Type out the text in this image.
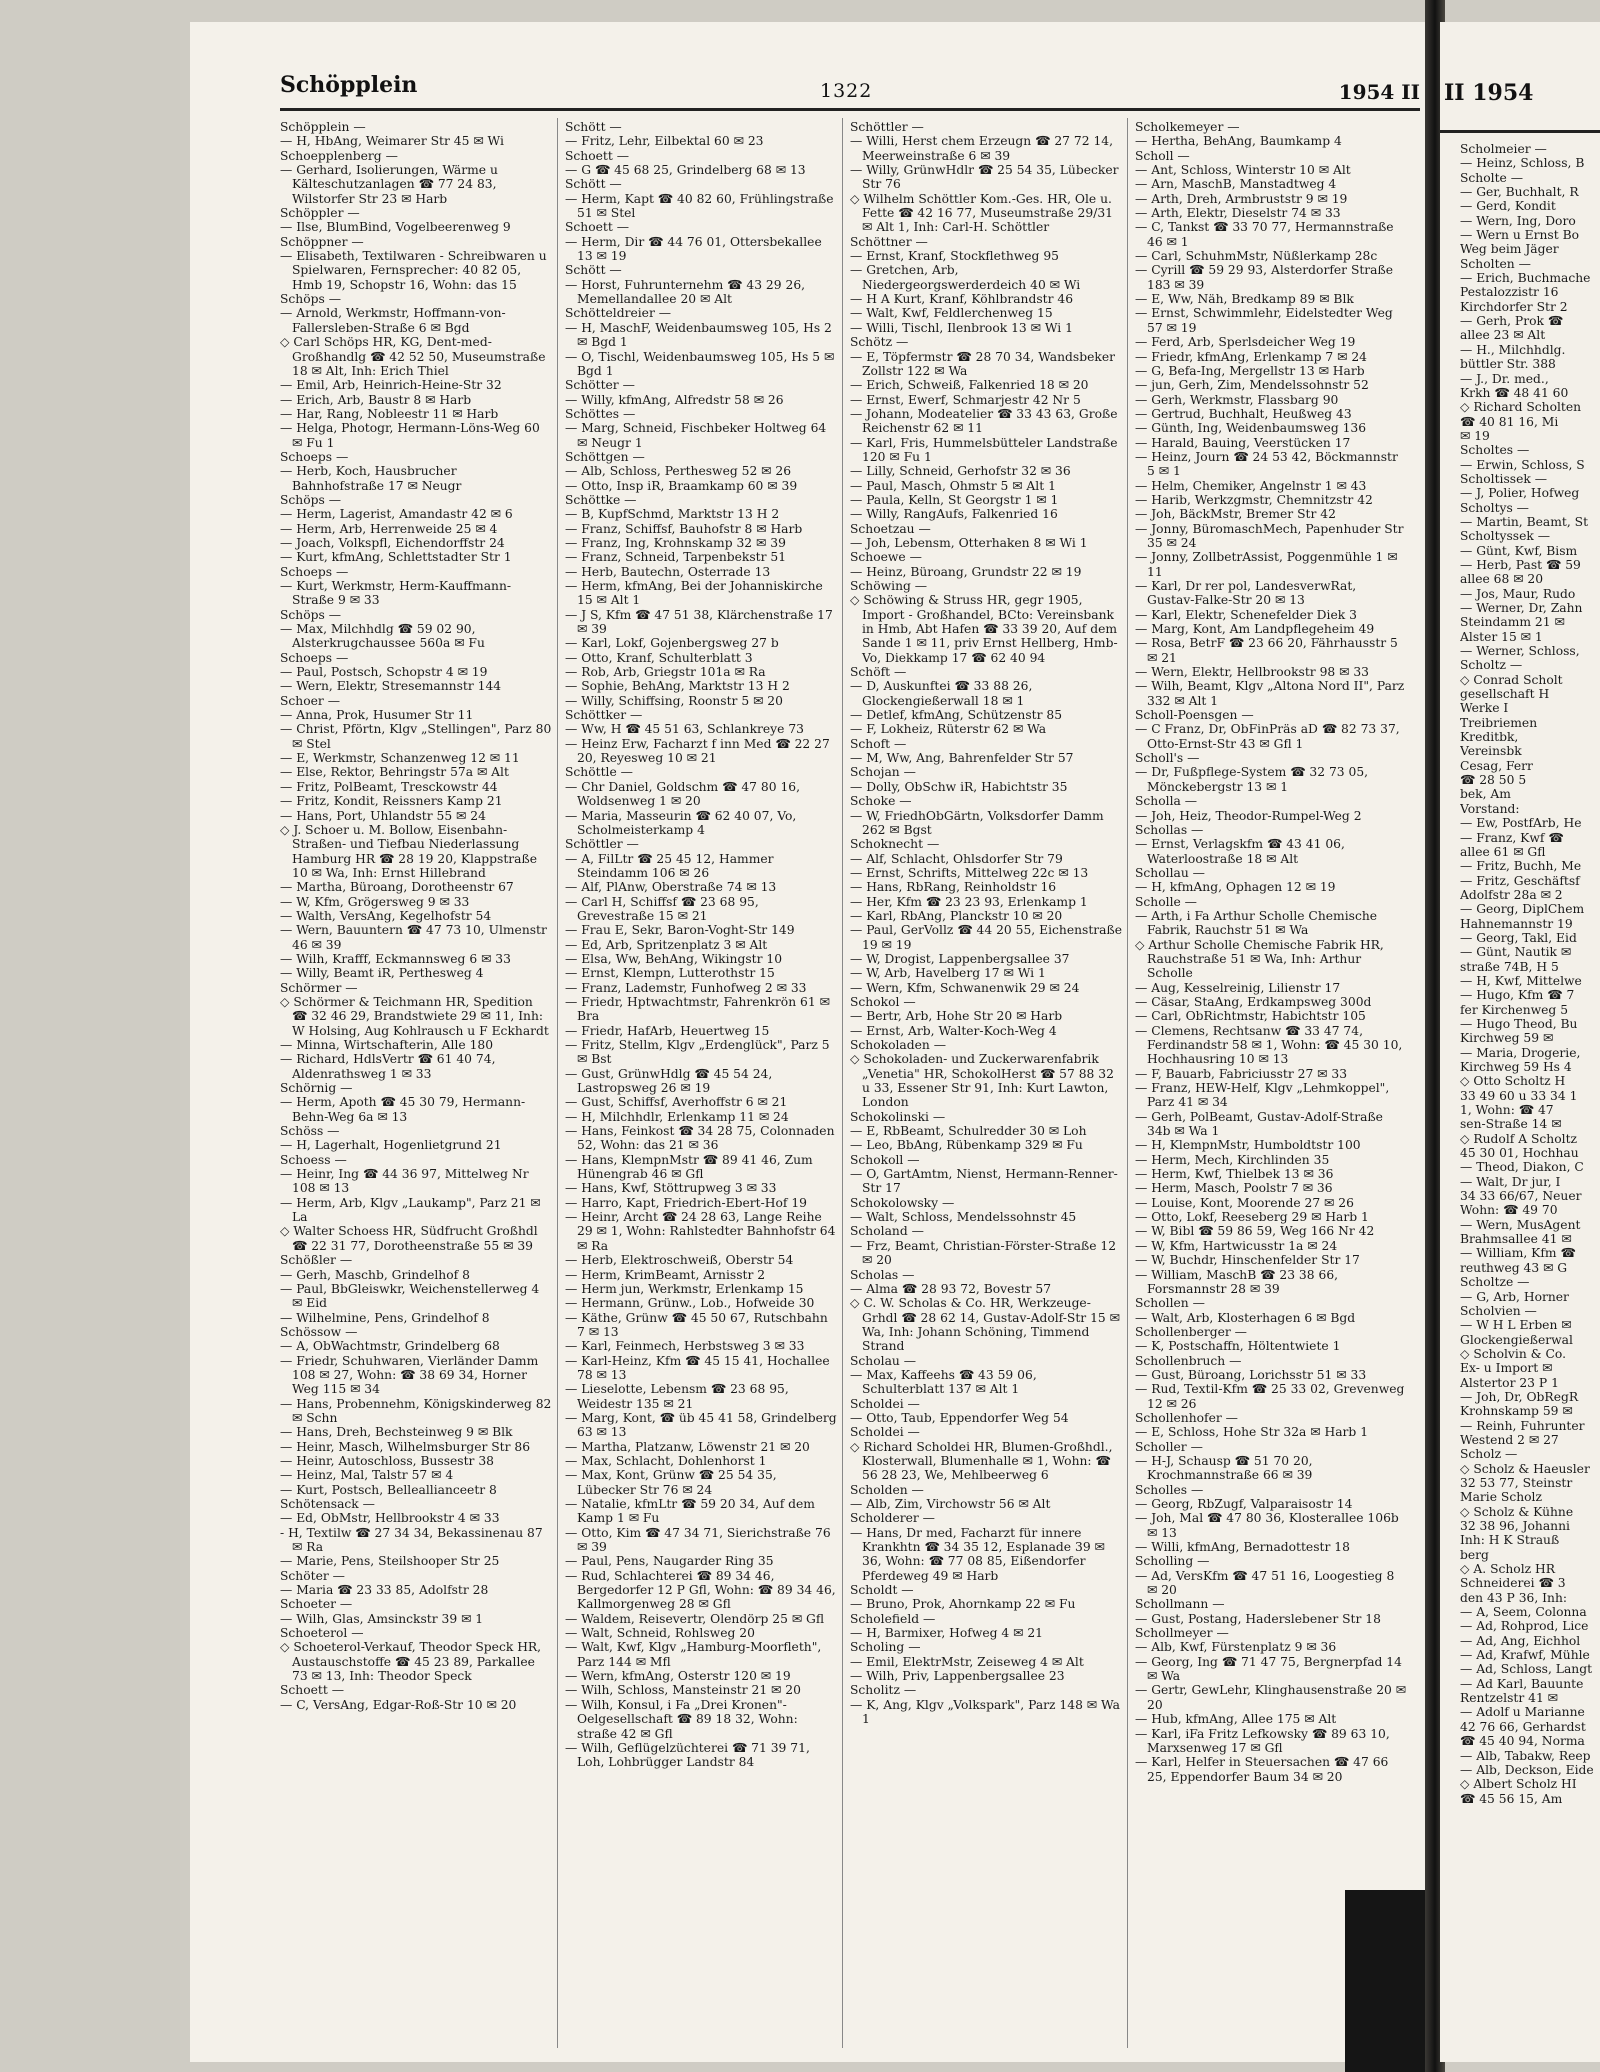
Schöpplein	1322	1954 II
Schöpplein —
— H, HbAng, Weimarer Str 45 ✉ Wi
Schoepplenberg —
— Gerhard, Isolierungen, Wärme u Kälteschutzanlagen ☎ 77 24 83, Wilstorfer Str 23 ✉ Harb
Schöppler —
— Ilse, BlumBind, Vogelbeerenweg 9
Schöppner —
— Elisabeth, Textilwaren - Schreibwaren u Spielwaren, Fernsprecher: 40 82 05, Hmb 19, Schopstr 16, Wohn: das 15
Schöps —
— Arnold, Werkmstr, Hoffmann-von-Fallersleben-Straße 6 ✉ Bgd
◇ Carl Schöps HR, KG, Dent-med-Großhandlg ☎ 42 52 50, Museumstraße 18 ✉ Alt, Inh: Erich Thiel
— Emil, Arb, Heinrich-Heine-Str 32
— Erich, Arb, Baustr 8 ✉ Harb
— Har, Rang, Nobleestr 11 ✉ Harb
— Helga, Photogr, Hermann-Löns-Weg 60 ✉ Fu 1
Schoeps —
— Herb, Koch, Hausbrucher Bahnhofstraße 17 ✉ Neugr
Schöps —
— Herm, Lagerist, Amandastr 42 ✉ 6
— Herm, Arb, Herrenweide 25 ✉ 4
— Joach, Volkspfl, Eichendorffstr 24
— Kurt, kfmAng, Schlettstadter Str 1
Schoeps —
— Kurt, Werkmstr, Herm-Kauffmann-Straße 9 ✉ 33
Schöps —
— Max, Milchhdlg ☎ 59 02 90, Alsterkrugchaussee 560a ✉ Fu
Schoeps —
— Paul, Postsch, Schopstr 4 ✉ 19
— Wern, Elektr, Stresemannstr 144
Schoer —
— Anna, Prok, Husumer Str 11
— Christ, Pförtn, Klgv „Stellingen", Parz 80 ✉ Stel
— E, Werkmstr, Schanzenweg 12 ✉ 11
— Else, Rektor, Behringstr 57a ✉ Alt
— Fritz, PolBeamt, Tresckowstr 44
— Fritz, Kondit, Reissners Kamp 21
— Hans, Port, Uhlandstr 55 ✉ 24
◇ J. Schoer u. M. Bollow, Eisenbahn-Straßen- und Tiefbau Niederlassung Hamburg HR ☎ 28 19 20, Klappstraße 10 ✉ Wa, Inh: Ernst Hillebrand
— Martha, Büroang, Dorotheenstr 67
— W, Kfm, Grögersweg 9 ✉ 33
— Walth, VersAng, Kegelhofstr 54
— Wern, Bauuntern ☎ 47 73 10, Ulmenstr 46 ✉ 39
— Wilh, Krafff, Eckmannsweg 6 ✉ 33
— Willy, Beamt iR, Perthesweg 4
Schörmer —
◇ Schörmer & Teichmann HR, Spedition ☎ 32 46 29, Brandstwiete 29 ✉ 11, Inh: W Holsing, Aug Kohlrausch u F Eckhardt
— Minna, Wirtschafterin, Alle 180
— Richard, HdlsVertr ☎ 61 40 74, Aldenrathsweg 1 ✉ 33
Schörnig —
— Herm, Apoth ☎ 45 30 79, Hermann-Behn-Weg 6a ✉ 13
Schöss —
— H, Lagerhalt, Hogenlietgrund 21
Schoess —
— Heinr, Ing ☎ 44 36 97, Mittelweg Nr 108 ✉ 13
— Herm, Arb, Klgv „Laukamp", Parz 21 ✉ La
◇ Walter Schoess HR, Südfrucht Großhdl ☎ 22 31 77, Dorotheenstraße 55 ✉ 39
Schößler —
— Gerh, Maschb, Grindelhof 8
— Paul, BbGleiswkr, Weichenstellerweg 4 ✉ Eid
— Wilhelmine, Pens, Grindelhof 8
Schössow —
— A, ObWachtmstr, Grindelberg 68
— Friedr, Schuhwaren, Vierländer Damm 108 ✉ 27, Wohn: ☎ 38 69 34, Horner Weg 115 ✉ 34
— Hans, Probennehm, Königskinderweg 82 ✉ Schn
— Hans, Dreh, Bechsteinweg 9 ✉ Blk
— Heinr, Masch, Wilhelmsburger Str 86
— Heinr, Autoschloss, Bussestr 38
— Heinz, Mal, Talstr 57 ✉ 4
— Kurt, Postsch, Belleallianceetr 8
Schötensack —
— Ed, ObMstr, Hellbrookstr 4 ✉ 33
- H, Textilw ☎ 27 34 34, Bekassinenau 87 ✉ Ra
— Marie, Pens, Steilshooper Str 25
Schöter —
— Maria ☎ 23 33 85, Adolfstr 28
Schoeter —
— Wilh, Glas, Amsinckstr 39 ✉ 1
Schoeterol —
◇ Schoeterol-Verkauf, Theodor Speck HR, Austauschstoffe ☎ 45 23 89, Parkallee 73 ✉ 13, Inh: Theodor Speck
Schoett —
— C, VersAng, Edgar-Roß-Str 10 ✉ 20
Schött —
— Fritz, Lehr, Eilbektal 60 ✉ 23
Schoett —
— G ☎ 45 68 25, Grindelberg 68 ✉ 13
Schött —
— Herm, Kapt ☎ 40 82 60, Frühlingstraße 51 ✉ Stel
Schoett —
— Herm, Dir ☎ 44 76 01, Ottersbekallee 13 ✉ 19
Schött —
— Horst, Fuhrunternehm ☎ 43 29 26, Memellandallee 20 ✉ Alt
Schötteldreier —
— H, MaschF, Weidenbaumsweg 105, Hs 2 ✉ Bgd 1
— O, Tischl, Weidenbaumsweg 105, Hs 5 ✉ Bgd 1
Schötter —
— Willy, kfmAng, Alfredstr 58 ✉ 26
Schöttes —
— Marg, Schneid, Fischbeker Holtweg 64 ✉ Neugr 1
Schöttgen —
— Alb, Schloss, Perthesweg 52 ✉ 26
— Otto, Insp iR, Braamkamp 60 ✉ 39
Schöttke —
— B, KupfSchmd, Marktstr 13 H 2
— Franz, Schiffsf, Bauhofstr 8 ✉ Harb
— Franz, Ing, Krohnskamp 32 ✉ 39
— Franz, Schneid, Tarpenbekstr 51
— Herb, Bautechn, Osterrade 13
— Herm, kfmAng, Bei der Johanniskirche 15 ✉ Alt 1
— J S, Kfm ☎ 47 51 38, Klärchenstraße 17 ✉ 39
— Karl, Lokf, Gojenbergsweg 27 b
— Otto, Kranf, Schulterblatt 3
— Rob, Arb, Griegstr 101a ✉ Ra
— Sophie, BehAng, Marktstr 13 H 2
— Willy, Schiffsing, Roonstr 5 ✉ 20
Schöttker —
— Ww, H ☎ 45 51 63, Schlankreye 73
— Heinz Erw, Facharzt f inn Med ☎ 22 27 20, Reyesweg 10 ✉ 21
Schöttle —
— Chr Daniel, Goldschm ☎ 47 80 16, Woldsenweg 1 ✉ 20
— Maria, Masseurin ☎ 62 40 07, Vo, Scholmeisterkamp 4
Schöttler —
— A, FilLtr ☎ 25 45 12, Hammer Steindamm 106 ✉ 26
— Alf, PlAnw, Oberstraße 74 ✉ 13
— Carl H, Schiffsf ☎ 23 68 95, Grevestraße 15 ✉ 21
— Frau E, Sekr, Baron-Voght-Str 149
— Ed, Arb, Spritzenplatz 3 ✉ Alt
— Elsa, Ww, BehAng, Wikingstr 10
— Ernst, Klempn, Lutterothstr 15
— Franz, Lademstr, Funhofweg 2 ✉ 33
— Friedr, Hptwachtmstr, Fahrenkrön 61 ✉ Bra
— Friedr, HafArb, Heuertweg 15
— Fritz, Stellm, Klgv „Erdenglück", Parz 5 ✉ Bst
— Gust, GrünwHdlg ☎ 45 54 24, Lastropsweg 26 ✉ 19
— Gust, Schiffsf, Averhoffstr 6 ✉ 21
— H, Milchhdlr, Erlenkamp 11 ✉ 24
— Hans, Feinkost ☎ 34 28 75, Colonnaden 52, Wohn: das 21 ✉ 36
— Hans, KlempnMstr ☎ 89 41 46, Zum Hünengrab 46 ✉ Gfl
— Hans, Kwf, Stöttrupweg 3 ✉ 33
— Harro, Kapt, Friedrich-Ebert-Hof 19
— Heinr, Archt ☎ 24 28 63, Lange Reihe 29 ✉ 1, Wohn: Rahlstedter Bahnhofstr 64 ✉ Ra
— Herb, Elektroschweiß, Oberstr 54
— Herm, KrimBeamt, Arnisstr 2
— Herm jun, Werkmstr, Erlenkamp 15
— Hermann, Grünw., Lob., Hofweide 30
— Käthe, Grünw ☎ 45 50 67, Rutschbahn 7 ✉ 13
— Karl, Feinmech, Herbstsweg 3 ✉ 33
— Karl-Heinz, Kfm ☎ 45 15 41, Hochallee 78 ✉ 13
— Lieselotte, Lebensm ☎ 23 68 95, Weidestr 135 ✉ 21
— Marg, Kont, ☎ üb 45 41 58, Grindelberg 63 ✉ 13
— Martha, Platzanw, Löwenstr 21 ✉ 20
— Max, Schlacht, Dohlenhorst 1
— Max, Kont, Grünw ☎ 25 54 35, Lübecker Str 76 ✉ 24
— Natalie, kfmLtr ☎ 59 20 34, Auf dem Kamp 1 ✉ Fu
— Otto, Kim ☎ 47 34 71, Sierichstraße 76 ✉ 39
— Paul, Pens, Naugarder Ring 35
— Rud, Schlachterei ☎ 89 34 46, Bergedorfer 12 P Gfl, Wohn: ☎ 89 34 46, Kallmorgenweg 28 ✉ Gfl
— Waldem, Reisevertr, Olendörp 25 ✉ Gfl
— Walt, Schneid, Rohlsweg 20
— Walt, Kwf, Klgv „Hamburg-Moorfleth", Parz 144 ✉ Mfl
— Wern, kfmAng, Osterstr 120 ✉ 19
— Wilh, Schloss, Mansteinstr 21 ✉ 20
— Wilh, Konsul, i Fa „Drei Kronen"-Oelgesellschaft ☎ 89 18 32, Wohn: straße 42 ✉ Gfl
— Wilh, Geflügelzüchterei ☎ 71 39 71, Loh, Lohbrügger Landstr 84
Schöttler —
— Willi, Herst chem Erzeugn ☎ 27 72 14, Meerweinstraße 6 ✉ 39
— Willy, GrünwHdlr ☎ 25 54 35, Lübecker Str 76
◇ Wilhelm Schöttler Kom.-Ges. HR, Ole u. Fette ☎ 42 16 77, Museumstraße 29/31 ✉ Alt 1, Inh: Carl-H. Schöttler
Schöttner —
— Ernst, Kranf, Stockflethweg 95
— Gretchen, Arb, Niedergeorgswerderdeich 40 ✉ Wi
— H A Kurt, Kranf, Köhlbrandstr 46
— Walt, Kwf, Feldlerchenweg 15
— Willi, Tischl, Ilenbrook 13 ✉ Wi 1
Schötz —
— E, Töpfermstr ☎ 28 70 34, Wandsbeker Zollstr 122 ✉ Wa
— Erich, Schweiß, Falkenried 18 ✉ 20
— Ernst, Ewerf, Schmarjestr 42 Nr 5
— Johann, Modeatelier ☎ 33 43 63, Große Reichenstr 62 ✉ 11
— Karl, Fris, Hummelsbütteler Landstraße 120 ✉ Fu 1
— Lilly, Schneid, Gerhofstr 32 ✉ 36
— Paul, Masch, Ohmstr 5 ✉ Alt 1
— Paula, Kelln, St Georgstr 1 ✉ 1
— Willy, RangAufs, Falkenried 16
Schoetzau —
— Joh, Lebensm, Otterhaken 8 ✉ Wi 1
Schoewe —
— Heinz, Büroang, Grundstr 22 ✉ 19
Schöwing —
◇ Schöwing & Struss HR, gegr 1905, Import - Großhandel, BCto: Vereinsbank in Hmb, Abt Hafen ☎ 33 39 20, Auf dem Sande 1 ✉ 11, priv Ernst Hellberg, Hmb-Vo, Diekkamp 17 ☎ 62 40 94
Schöft —
— D, Auskunftei ☎ 33 88 26, Glockengießerwall 18 ✉ 1
— Detlef, kfmAng, Schützenstr 85
— F, Lokheiz, Rüterstr 62 ✉ Wa
Schoft —
— M, Ww, Ang, Bahrenfelder Str 57
Schojan —
— Dolly, ObSchw iR, Habichtstr 35
Schoke —
— W, FriedhObGärtn, Volksdorfer Damm 262 ✉ Bgst
Schoknecht —
— Alf, Schlacht, Ohlsdorfer Str 79
— Ernst, Schrifts, Mittelweg 22c ✉ 13
— Hans, RbRang, Reinholdstr 16
— Her, Kfm ☎ 23 23 93, Erlenkamp 1
— Karl, RbAng, Planckstr 10 ✉ 20
— Paul, GerVollz ☎ 44 20 55, Eichenstraße 19 ✉ 19
— W, Drogist, Lappenbergsallee 37
— W, Arb, Havelberg 17 ✉ Wi 1
— Wern, Kfm, Schwanenwik 29 ✉ 24
Schokol —
— Bertr, Arb, Hohe Str 20 ✉ Harb
— Ernst, Arb, Walter-Koch-Weg 4
Schokoladen —
◇ Schokoladen- und Zuckerwarenfabrik „Venetia" HR, SchokolHerst ☎ 57 88 32 u 33, Essener Str 91, Inh: Kurt Lawton, London
Schokolinski —
— E, RbBeamt, Schulredder 30 ✉ Loh
— Leo, BbAng, Rübenkamp 329 ✉ Fu
Schokoll —
— O, GartAmtm, Nienst, Hermann-Renner-Str 17
Schokolowsky —
— Walt, Schloss, Mendelssohnstr 45
Scholand —
— Frz, Beamt, Christian-Förster-Straße 12 ✉ 20
Scholas —
— Alma ☎ 28 93 72, Bovestr 57
◇ C. W. Scholas & Co. HR, Werkzeuge-Grhdl ☎ 28 62 14, Gustav-Adolf-Str 15 ✉ Wa, Inh: Johann Schöning, Timmend Strand
Scholau —
— Max, Kaffeehs ☎ 43 59 06, Schulterblatt 137 ✉ Alt 1
Scholdei —
— Otto, Taub, Eppendorfer Weg 54
Scholdei —
◇ Richard Scholdei HR, Blumen-Großhdl., Klosterwall, Blumenhalle ✉ 1, Wohn: ☎ 56 28 23, We, Mehlbeerweg 6
Scholden —
— Alb, Zim, Virchowstr 56 ✉ Alt
Scholderer —
— Hans, Dr med, Facharzt für innere Krankhtn ☎ 34 35 12, Esplanade 39 ✉ 36, Wohn: ☎ 77 08 85, Eißendorfer Pferdeweg 49 ✉ Harb
Scholdt —
— Bruno, Prok, Ahornkamp 22 ✉ Fu
Scholefield —
— H, Barmixer, Hofweg 4 ✉ 21
Scholing —
— Emil, ElektrMstr, Zeiseweg 4 ✉ Alt
— Wilh, Priv, Lappenbergsallee 23
Scholitz —
— K, Ang, Klgv „Volkspark", Parz 148 ✉ Wa 1
Scholkemeyer —
— Hertha, BehAng, Baumkamp 4
Scholl —
— Ant, Schloss, Winterstr 10 ✉ Alt
— Arn, MaschB, Manstadtweg 4
— Arth, Dreh, Armbruststr 9 ✉ 19
— Arth, Elektr, Dieselstr 74 ✉ 33
— C, Tankst ☎ 33 70 77, Hermannstraße 46 ✉ 1
— Carl, SchuhmMstr, Nüßlerkamp 28c
— Cyrill ☎ 59 29 93, Alsterdorfer Straße 183 ✉ 39
— E, Ww, Näh, Bredkamp 89 ✉ Blk
— Ernst, Schwimmlehr, Eidelstedter Weg 57 ✉ 19
— Ferd, Arb, Sperlsdeicher Weg 19
— Friedr, kfmAng, Erlenkamp 7 ✉ 24
— G, Befa-Ing, Mergellstr 13 ✉ Harb
— jun, Gerh, Zim, Mendelssohnstr 52
— Gerh, Werkmstr, Flassbarg 90
— Gertrud, Buchhalt, Heußweg 43
— Günth, Ing, Weidenbaumsweg 136
— Harald, Bauing, Veerstücken 17
— Heinz, Journ ☎ 24 53 42, Böckmannstr 5 ✉ 1
— Helm, Chemiker, Angelnstr 1 ✉ 43
— Harib, Werkzgmstr, Chemnitzstr 42
— Joh, BäckMstr, Bremer Str 42
— Jonny, BüromaschMech, Papenhuder Str 35 ✉ 24
— Jonny, ZollbetrAssist, Poggenmühle 1 ✉ 11
— Karl, Dr rer pol, LandesverwRat, Gustav-Falke-Str 20 ✉ 13
— Karl, Elektr, Schenefelder Diek 3
— Marg, Kont, Am Landpflegeheim 49
— Rosa, BetrF ☎ 23 66 20, Fährhausstr 5 ✉ 21
— Wern, Elektr, Hellbrookstr 98 ✉ 33
— Wilh, Beamt, Klgv „Altona Nord II", Parz 332 ✉ Alt 1
Scholl-Poensgen —
— C Franz, Dr, ObFinPräs aD ☎ 82 73 37, Otto-Ernst-Str 43 ✉ Gfl 1
Scholl's —
— Dr, Fußpflege-System ☎ 32 73 05, Mönckebergstr 13 ✉ 1
Scholla —
— Joh, Heiz, Theodor-Rumpel-Weg 2
Schollas —
— Ernst, Verlagskfm ☎ 43 41 06, Waterloostraße 18 ✉ Alt
Schollau —
— H, kfmAng, Ophagen 12 ✉ 19
Scholle —
— Arth, i Fa Arthur Scholle Chemische Fabrik, Rauchstr 51 ✉ Wa
◇ Arthur Scholle Chemische Fabrik HR, Rauchstraße 51 ✉ Wa, Inh: Arthur Scholle
— Aug, Kesselreinig, Lilienstr 17
— Cäsar, StaAng, Erdkampsweg 300d
— Carl, ObRichtmstr, Habichtstr 105
— Clemens, Rechtsanw ☎ 33 47 74, Ferdinandstr 58 ✉ 1, Wohn: ☎ 45 30 10, Hochhausring 10 ✉ 13
— F, Bauarb, Fabriciusstr 27 ✉ 33
— Franz, HEW-Helf, Klgv „Lehmkoppel", Parz 41 ✉ 34
— Gerh, PolBeamt, Gustav-Adolf-Straße 34b ✉ Wa 1
— H, KlempnMstr, Humboldtstr 100
— Herm, Mech, Kirchlinden 35
— Herm, Kwf, Thielbek 13 ✉ 36
— Herm, Masch, Poolstr 7 ✉ 36
— Louise, Kont, Moorende 27 ✉ 26
— Otto, Lokf, Reeseberg 29 ✉ Harb 1
— W, Bibl ☎ 59 86 59, Weg 166 Nr 42
— W, Kfm, Hartwicusstr 1a ✉ 24
— W, Buchdr, Hinschenfelder Str 17
— William, MaschB ☎ 23 38 66, Forsmannstr 28 ✉ 39
Schollen —
— Walt, Arb, Klosterhagen 6 ✉ Bgd
Schollenberger —
— K, Postschaffn, Höltentwiete 1
Schollenbruch —
— Gust, Büroang, Lorichsstr 51 ✉ 33
— Rud, Textil-Kfm ☎ 25 33 02, Grevenweg 12 ✉ 26
Schollenhofer —
— E, Schloss, Hohe Str 32a ✉ Harb 1
Scholler —
— H-J, Schausp ☎ 51 70 20, Krochmannstraße 66 ✉ 39
Scholles —
— Georg, RbZugf, Valparaisostr 14
— Joh, Mal ☎ 47 80 36, Klosterallee 106b ✉ 13
— Willi, kfmAng, Bernadottestr 18
Scholling —
— Ad, VersKfm ☎ 47 51 16, Loogestieg 8 ✉ 20
Schollmann —
— Gust, Postang, Haderslebener Str 18
Schollmeyer —
— Alb, Kwf, Fürstenplatz 9 ✉ 36
— Georg, Ing ☎ 71 47 75, Bergnerpfad 14 ✉ Wa
— Gertr, GewLehr, Klinghausenstraße 20 ✉ 20
— Hub, kfmAng, Allee 175 ✉ Alt
— Karl, iFa Fritz Lefkowsky ☎ 89 63 10, Marxsenweg 17 ✉ Gfl
— Karl, Helfer in Steuersachen ☎ 47 66 25, Eppendorfer Baum 34 ✉ 20
II 1954
Scholmeier —
— Heinz, Schloss, B
Scholte —
— Ger, Buchhalt, R
— Gerd, Kondit
— Wern, Ing, Doro
— Wern u Ernst Bo
Weg beim Jäger
Scholten —
— Erich, Buchmache
Pestalozzistr 16
Kirchdorfer Str 2
— Gerh, Prok ☎
allee 23 ✉ Alt
— H., Milchhdlg.
büttler Str. 388
— J., Dr. med.,
Krkh ☎ 48 41 60
◇ Richard Scholten
☎ 40 81 16, Mi
✉ 19
Scholtes —
— Erwin, Schloss, S
Scholtissek —
— J, Polier, Hofweg
Scholtys —
— Martin, Beamt, St
Scholtyssek —
— Günt, Kwf, Bism
— Herb, Past ☎ 59
allee 68 ✉ 20
— Jos, Maur, Rudo
— Werner, Dr, Zahn
Steindamm 21 ✉
Alster 15 ✉ 1
— Werner, Schloss,
Scholtz —
◇ Conrad Scholt
gesellschaft H
Werke I
Treibriemen
Kreditbk,
Vereinsbk
Cesag, Ferr
☎ 28 50 5
bek, Am
Vorstand:
— Ew, PostfArb, He
— Franz, Kwf ☎
allee 61 ✉ Gfl
— Fritz, Buchh, Me
— Fritz, Geschäftsf
Adolfstr 28a ✉ 2
— Georg, DiplChem
Hahnemannstr 19
— Georg, Takl, Eid
— Günt, Nautik ✉
straße 74B, H 5
— H, Kwf, Mittelwe
— Hugo, Kfm ☎ 7
fer Kirchenweg 5
— Hugo Theod, Bu
Kirchweg 59 ✉
— Maria, Drogerie,
Kirchweg 59 Hs 4
◇ Otto Scholtz H
33 49 60 u 33 34 1
1, Wohn: ☎ 47
sen-Straße 14 ✉
◇ Rudolf A Scholtz
45 30 01, Hochhau
— Theod, Diakon, C
— Walt, Dr jur, I
34 33 66/67, Neuer
Wohn: ☎ 49 70
— Wern, MusAgent
Brahmsallee 41 ✉
— William, Kfm ☎
reuthweg 43 ✉ G
Scholtze —
— G, Arb, Horner
Scholvien —
— W H L Erben ✉
Glockengießerwal
◇ Scholvin & Co.
Ex- u Import ✉
Alstertor 23 P 1
— Joh, Dr, ObRegR
Krohnskamp 59 ✉
— Reinh, Fuhrunter
Westend 2 ✉ 27
Scholz —
◇ Scholz & Haeusler
32 53 77, Steinstr
Marie Scholz
◇ Scholz & Kühne
32 38 96, Johanni
Inh: H K Strauß
berg
◇ A. Scholz HR
Schneiderei ☎ 3
den 43 P 36, Inh:
— A, Seem, Colonna
— Ad, Rohprod, Lice
— Ad, Ang, Eichhol
— Ad, Krafwf, Mühle
— Ad, Schloss, Langt
— Ad Karl, Bauunte
Rentzelstr 41 ✉
— Adolf u Marianne
42 76 66, Gerhardst
☎ 45 40 94, Norma
— Alb, Tabakw, Reep
— Alb, Deckson, Eide
◇ Albert Scholz HI
☎ 45 56 15, Am
